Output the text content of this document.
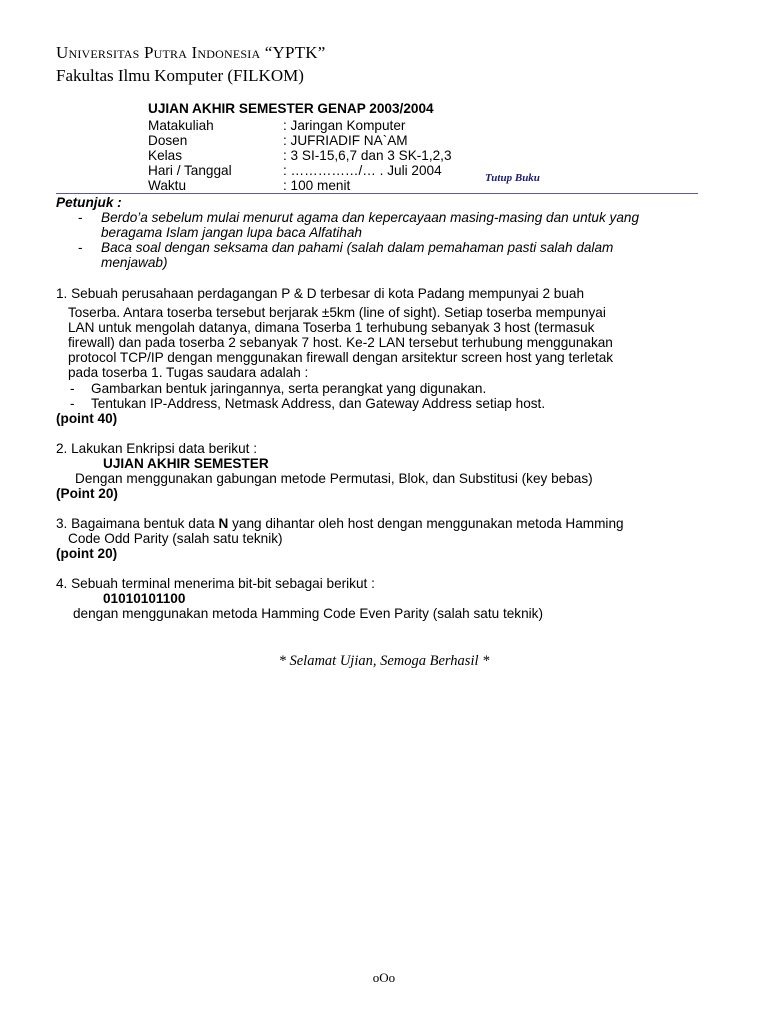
Universitas Putra Indonesia “YPTK”
Fakultas Ilmu Komputer (FILKOM)
UJIAN AKHIR SEMESTER GENAP 2003/2004
Matakuliah	: Jaringan Komputer
Dosen	: JUFRIADIF NA`AM
Kelas	: 3 SI-15,6,7 dan 3 SK-1,2,3
Hari / Tanggal	: ……………/… . Juli 2004
Waktu	: 100 menit	Tutup Buku
Petunjuk :
- Berdo’a sebelum mulai menurut agama dan kepercayaan masing-masing dan untuk yang
beragama Islam jangan lupa baca Alfatihah
- Baca soal dengan seksama dan pahami (salah dalam pemahaman pasti salah dalam
menjawab)
1. Sebuah perusahaan perdagangan P & D terbesar di kota Padang mempunyai 2 buah
Toserba. Antara toserba tersebut berjarak ±5km (line of sight). Setiap toserba mempunyai
LAN untuk mengolah datanya, dimana Toserba 1 terhubung sebanyak 3 host (termasuk
firewall) dan pada toserba 2 sebanyak 7 host. Ke-2 LAN tersebut terhubung menggunakan
protocol TCP/IP dengan menggunakan firewall dengan arsitektur screen host yang terletak
pada toserba 1. Tugas saudara adalah :
- Gambarkan bentuk jaringannya, serta perangkat yang digunakan.
- Tentukan IP-Address, Netmask Address, dan Gateway Address setiap host.
(point 40)
2. Lakukan Enkripsi data berikut :
UJIAN AKHIR SEMESTER
Dengan menggunakan gabungan metode Permutasi, Blok, dan Substitusi (key bebas)
(Point 20)
3. Bagaimana bentuk data N yang dihantar oleh host dengan menggunakan metoda Hamming
Code Odd Parity (salah satu teknik)
(point 20)
4. Sebuah terminal menerima bit-bit sebagai berikut :
01010101100
dengan menggunakan metoda Hamming Code Even Parity (salah satu teknik)
* Selamat Ujian, Semoga Berhasil *
oOo
